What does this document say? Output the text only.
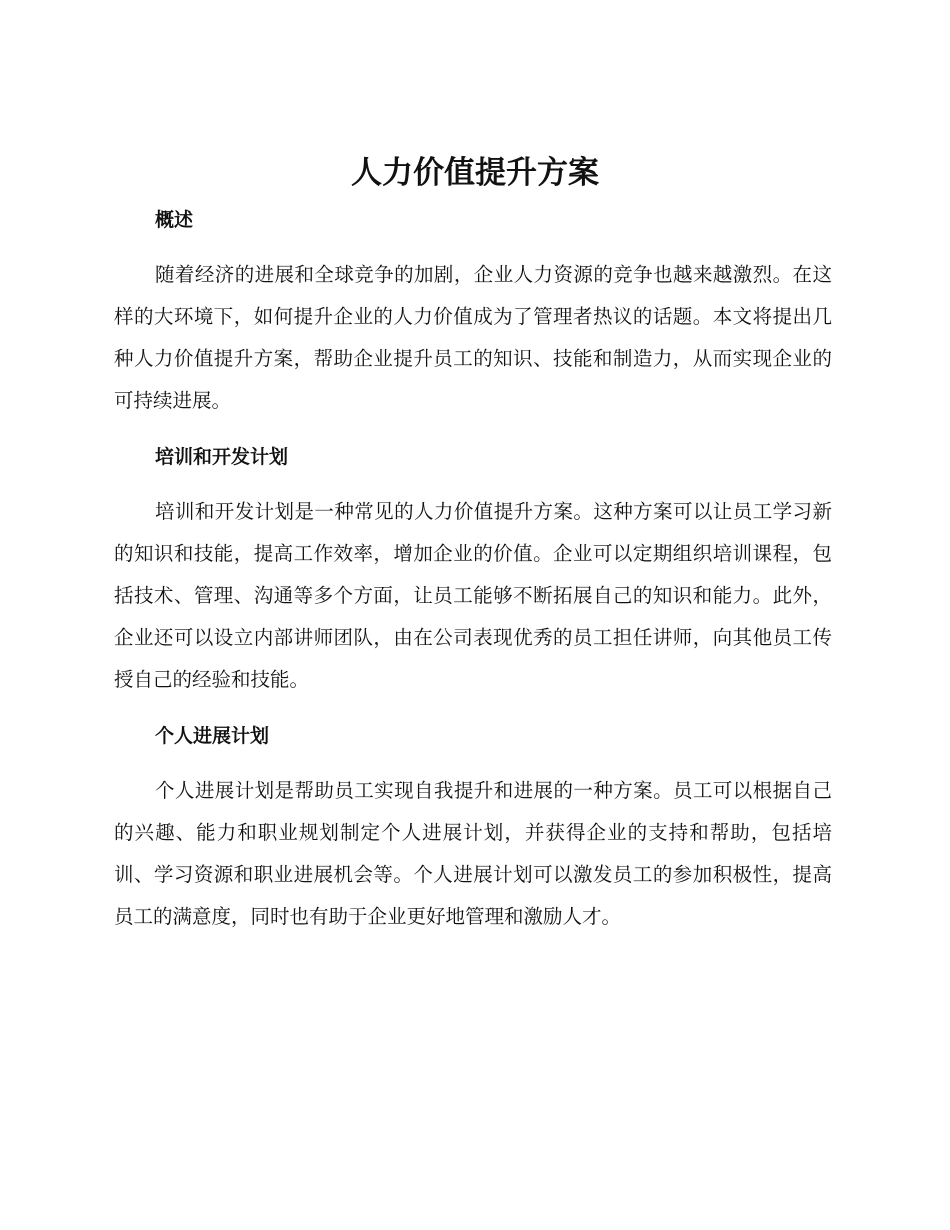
人力价值提升方案
概述

随着经济的进展和全球竞争的加剧，企业人力资源的竞争也越来越激烈。在这样的大环境下，如何提升企业的人力价值成为了管理者热议的话题。本文将提出几种人力价值提升方案，帮助企业提升员工的知识、技能和制造力，从而实现企业的可持续进展。

培训和开发计划

培训和开发计划是一种常见的人力价值提升方案。这种方案可以让员工学习新的知识和技能，提高工作效率，增加企业的价值。企业可以定期组织培训课程，包括技术、管理、沟通等多个方面，让员工能够不断拓展自己的知识和能力。此外，企业还可以设立内部讲师团队，由在公司表现优秀的员工担任讲师，向其他员工传授自己的经验和技能。

个人进展计划

个人进展计划是帮助员工实现自我提升和进展的一种方案。员工可以根据自己的兴趣、能力和职业规划制定个人进展计划，并获得企业的支持和帮助，包括培训、学习资源和职业进展机会等。个人进展计划可以激发员工的参加积极性，提高员工的满意度，同时也有助于企业更好地管理和激励人才。
